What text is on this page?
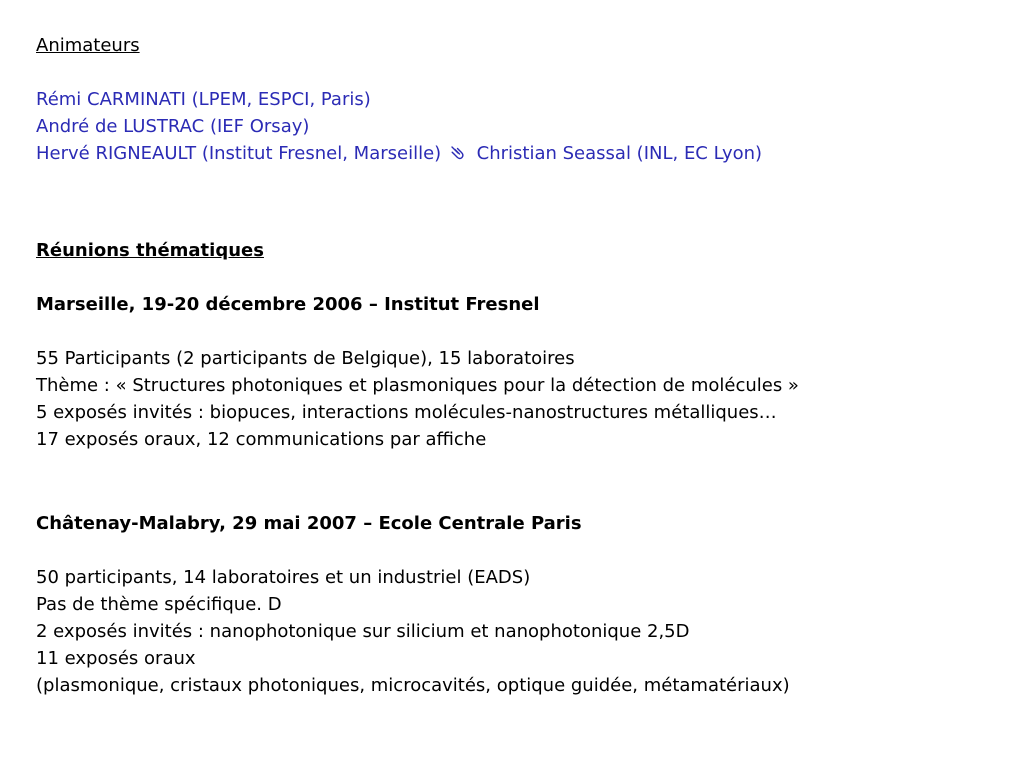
Animateurs
Rémi CARMINATI (LPEM, ESPCI, Paris)
André de LUSTRAC (IEF Orsay)
Hervé RIGNEAULT (Institut Fresnel, Marseille) Christian Seassal (INL, EC Lyon)
Réunions thématiques
Marseille, 19-20 décembre 2006 – Institut Fresnel
55 Participants (2 participants de Belgique), 15 laboratoires
Thème : « Structures photoniques et plasmoniques pour la détection de molécules »
5 exposés invités : biopuces, interactions molécules-nanostructures métalliques…
17 exposés oraux, 12 communications par affiche
Châtenay-Malabry, 29 mai 2007 – Ecole Centrale Paris
50 participants, 14 laboratoires et un industriel (EADS)
Pas de thème spécifique. D
2 exposés invités : nanophotonique sur silicium et nanophotonique 2,5D
11 exposés oraux
(plasmonique, cristaux photoniques, microcavités, optique guidée, métamatériaux)
